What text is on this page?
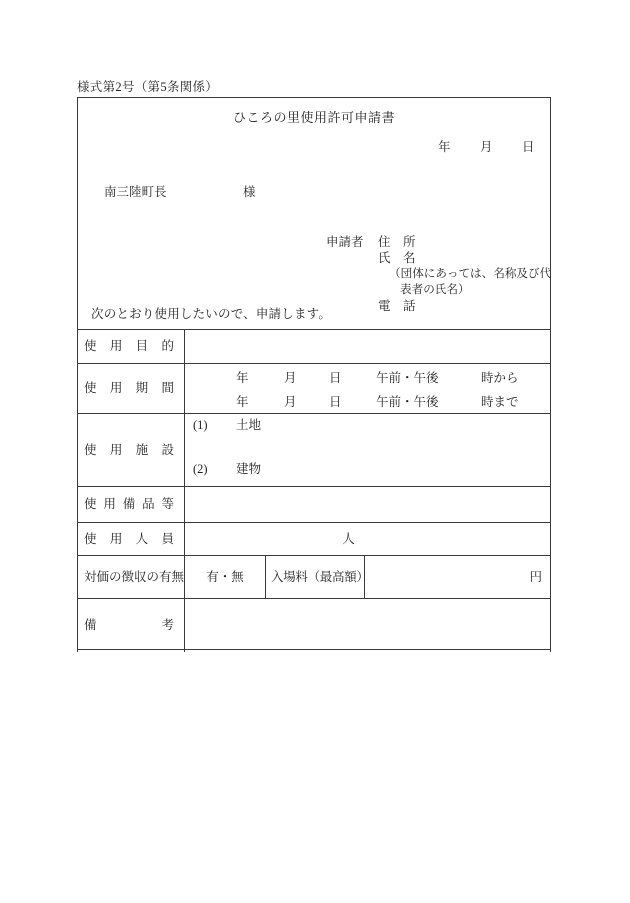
様式第2号（第5条関係）
ひころの里使用許可申請書
年 月 日
南三陸町長	様
申請者 住　所
氏　名
（団体にあっては、名称及び代
表者の氏名）
電　話
次のとおり使用したいので、申請します。
使 用 目 的
使 用 期 間
年	月	日	午前・午後	時から
年	月	日	午前・午後	時まで
使 用 施 設
(1) 土地
(2) 建物
使 用 備 品 等
使 用 人 員	人
対価の徴収の有無 有・無 入場料（最高額）	円
備	考
